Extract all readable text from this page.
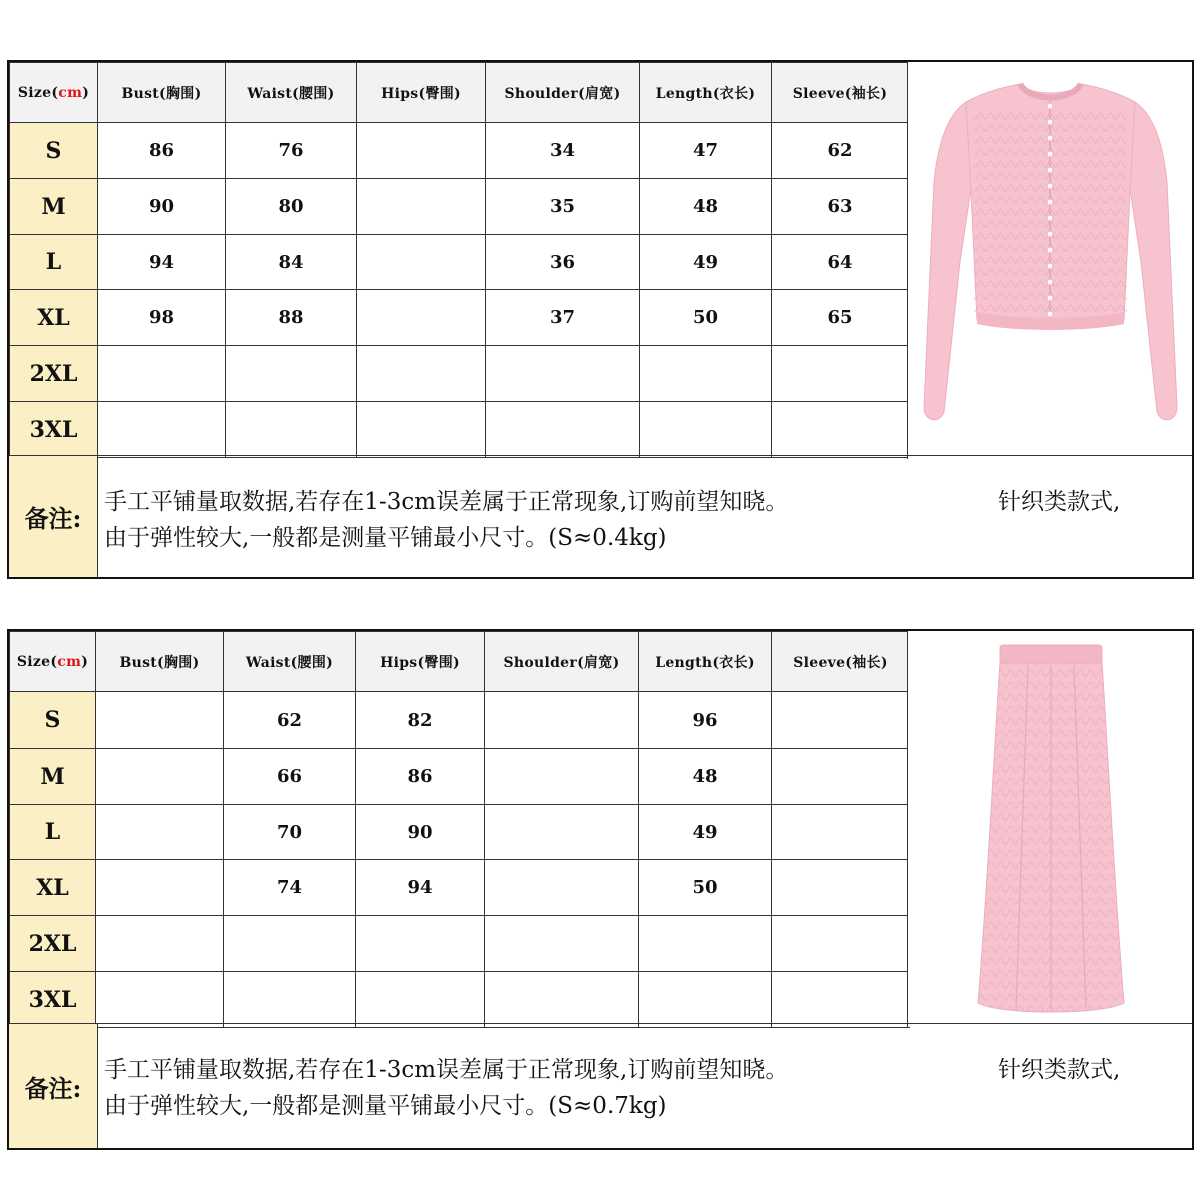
Size(cm)	Bust(胸围)	Waist(腰围)	Hips(臀围)	Shoulder(肩宽)	Length(衣长)	Sleeve(袖长)
S	86	76		34	47	62
M	90	80		35	48	63
L	94	84		36	49	64
XL	98	88		37	50	65
2XL						
3XL						
备注:
手工平铺量取数据,若存在1-3cm误差属于正常现象,订购前望知晓。
由于弹性较大,一般都是测量平铺最小尺寸。(S≈0.4kg)
针织类款式,
Size(cm)	Bust(胸围)	Waist(腰围)	Hips(臀围)	Shoulder(肩宽)	Length(衣长)	Sleeve(袖长)
S		62	82		96	
M		66	86		48	
L		70	90		49	
XL		74	94		50	
2XL						
3XL						
备注:
手工平铺量取数据,若存在1-3cm误差属于正常现象,订购前望知晓。
由于弹性较大,一般都是测量平铺最小尺寸。(S≈0.7kg)
针织类款式,
